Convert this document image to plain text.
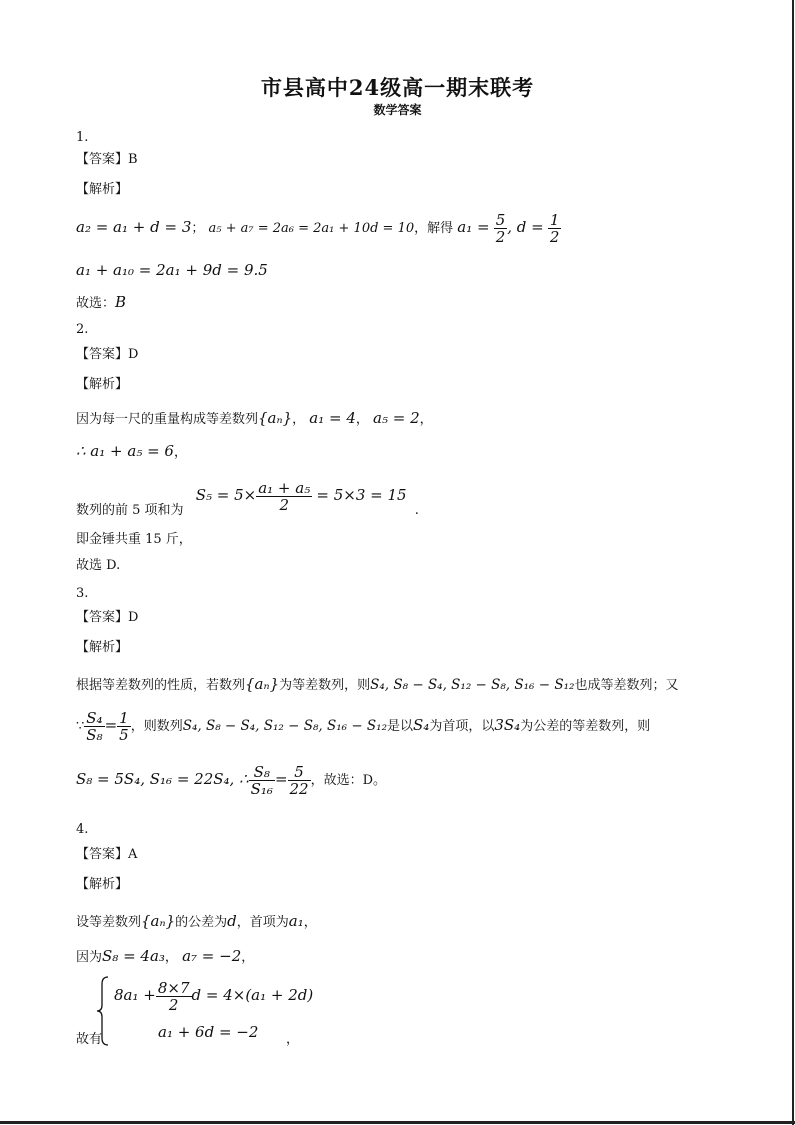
市县高中24级高一期末联考
数学答案
1.
【答案】B
【解析】
a₂ = a₁ + d = 3； a₅ + a₇ = 2a₆ = 2a₁ + 10d = 10，解得 $a_1 = \frac{5}{2}$ , $d = \frac{1}{2}$
a₁ + a₁₀ = 2a₁ + 9d = 9.5
故选：B
2.
【答案】D
【解析】
因为每一尺的重量构成等差数列{aₙ}， a₁ = 4， a₅ = 2，
∴ a₁ + a₅ = 6，
数列的前 5 项和为 $S_5 = 5\times \frac{\text{a₁ + a₅}}{2} = 5\times 3 = 15$ .
即金锤共重 15 斤，
故选 D.
3.
【答案】D
【解析】
根据等差数列的性质，若数列{aₙ}为等差数列，则S₄, S₈ − S₄, S₁₂ − S₈, S₁₆ − S₁₂也成等差数列；又
∵ $\frac{\text{S₄}}{\text{S₈}} = \frac{1}{5}$ ，则数列S₄, S₈ − S₄, S₁₂ − S₈, S₁₆ − S₁₂是以S₄为首项，以3S₄为公差的等差数列，则
S₈ = 5S₄, S₁₆ = 22S₄, ∴ $\frac{\text{S₈}}{\text{S₁₆}} = \frac{5}{22}$ ，故选：D。
4.
【答案】A
【解析】
设等差数列{aₙ}的公差为d，首项为a₁，
因为S₈ = 4a₃， a₇ = −2，
$8a_1 + \frac{8\times 7}{2}$ d = 4×(a₁ + 2d)
a₁ + 6d = −2
故有	，
